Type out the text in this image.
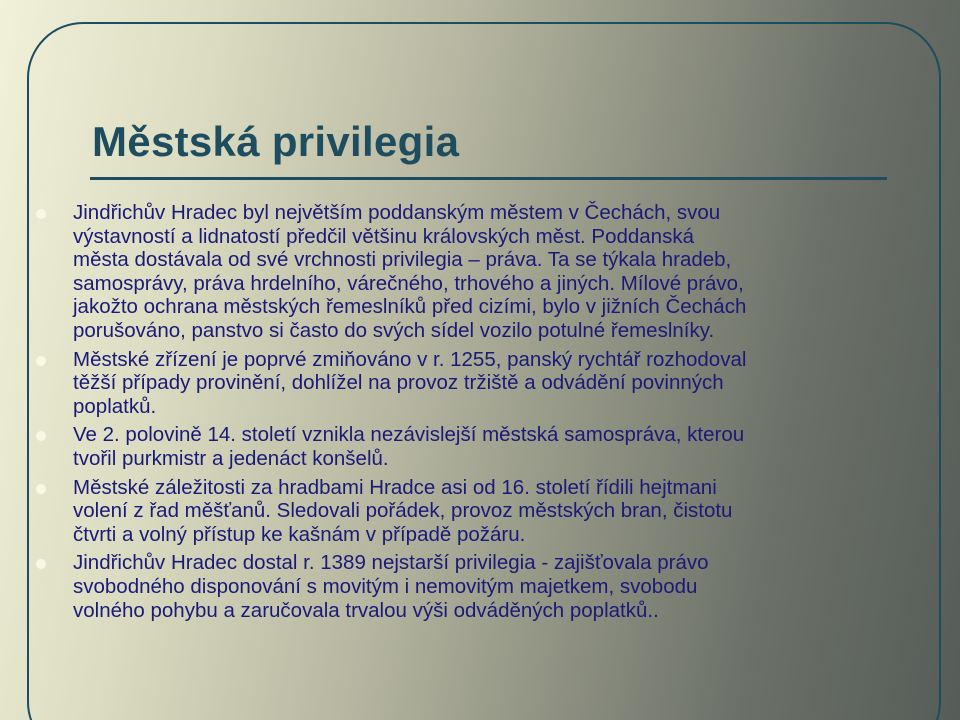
Městská privilegia
Jindřichův Hradec byl největším poddanským městem v Čechách, svou
výstavností a lidnatostí předčil většinu královských měst. Poddanská
města dostávala od své vrchnosti privilegia – práva. Ta se týkala hradeb,
samosprávy, práva hrdelního, várečného, trhového a jiných. Mílové právo,
jakožto ochrana městských řemeslníků před cizími, bylo v jižních Čechách
porušováno, panstvo si často do svých sídel vozilo potulné řemeslníky.
Městské zřízení je poprvé zmiňováno v r. 1255, panský rychtář rozhodoval
těžší případy provinění, dohlížel na provoz tržiště a odvádění povinných
poplatků.
Ve 2. polovině 14. století vznikla nezávislejší městská samospráva, kterou
tvořil purkmistr a jedenáct konšelů.
Městské záležitosti za hradbami Hradce asi od 16. století řídili hejtmani
volení z řad měšťanů. Sledovali pořádek, provoz městských bran, čistotu
čtvrti a volný přístup ke kašnám v případě požáru.
Jindřichův Hradec dostal r. 1389 nejstarší privilegia - zajišťovala právo
svobodného disponování s movitým i nemovitým majetkem, svobodu
volného pohybu a zaručovala trvalou výši odváděných poplatků..
